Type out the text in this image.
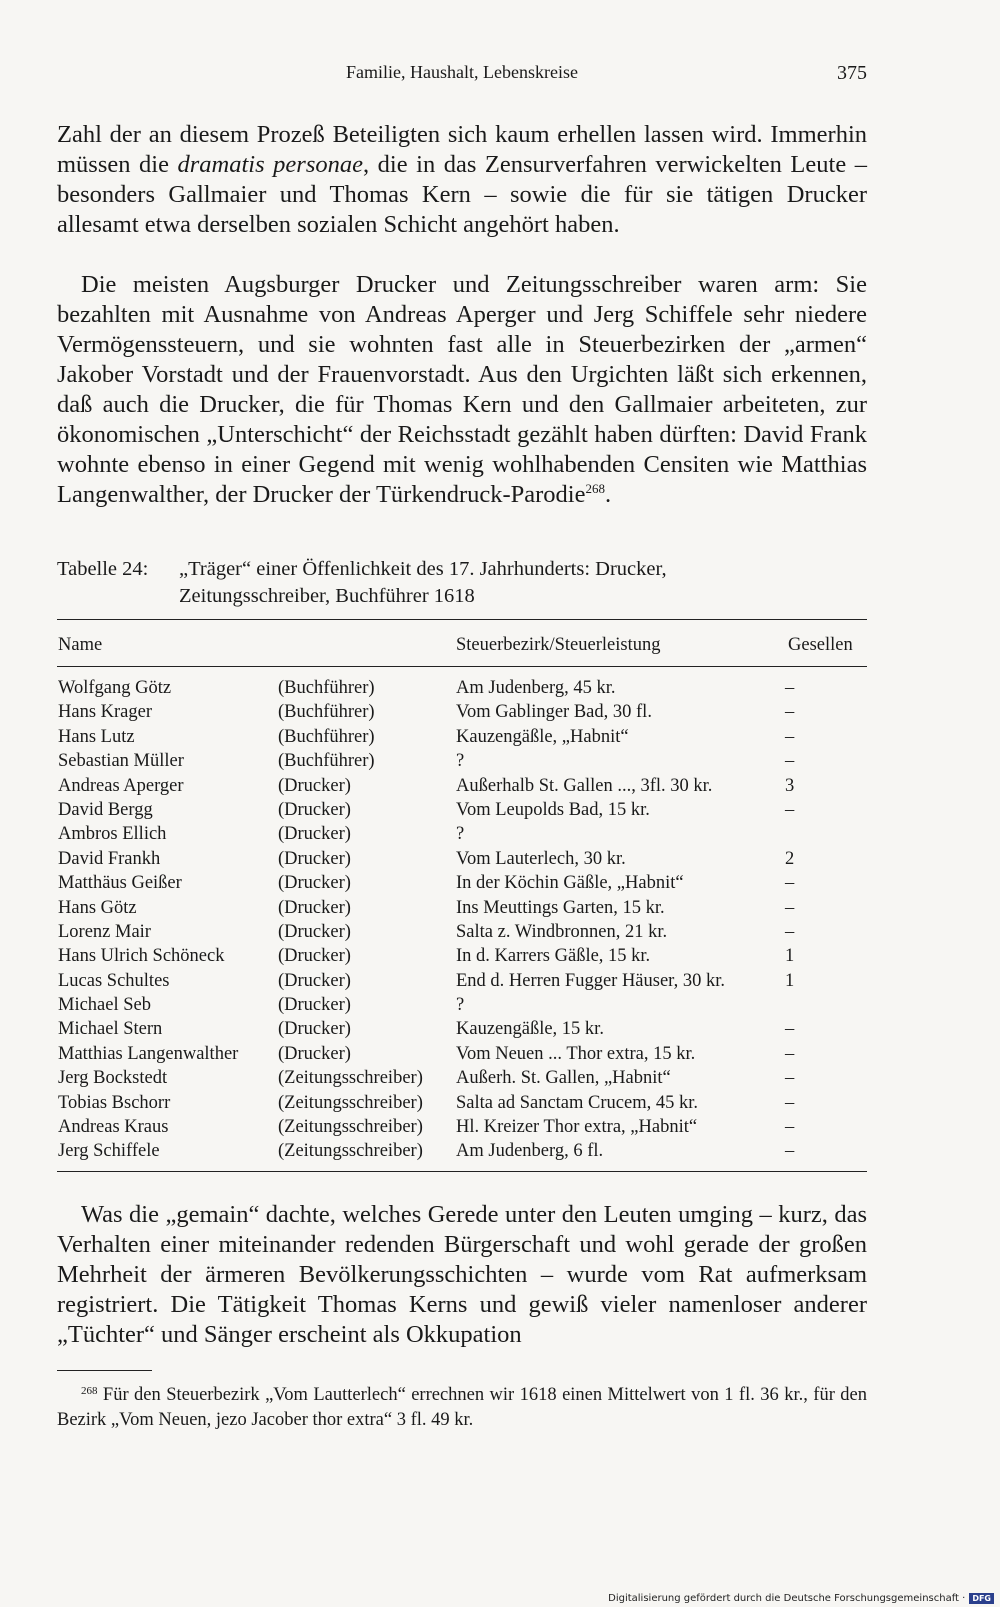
Familie, Haushalt, Lebenskreise	375

Zahl der an diesem Prozeß Beteiligten sich kaum erhellen lassen wird. Immerhin müssen die dramatis personae, die in das Zensurverfahren verwickelten Leute – besonders Gallmaier und Thomas Kern – sowie die für sie tätigen Drucker allesamt etwa derselben sozialen Schicht angehört haben.

Die meisten Augsburger Drucker und Zeitungsschreiber waren arm: Sie bezahlten mit Ausnahme von Andreas Aperger und Jerg Schiffele sehr niedere Vermögenssteuern, und sie wohnten fast alle in Steuerbezirken der „armen“ Jakober Vorstadt und der Frauenvorstadt. Aus den Urgichten läßt sich erkennen, daß auch die Drucker, die für Thomas Kern und den Gallmaier arbeiteten, zur ökonomischen „Unterschicht“ der Reichsstadt gezählt haben dürften: David Frank wohnte ebenso in einer Gegend mit wenig wohlhabenden Censiten wie Matthias Langenwalther, der Drucker der Türkendruck-Parodie$^{268}$.

Tabelle 24:	„Träger“ einer Öffenlichkeit des 17. Jahrhunderts: Drucker,
Zeitungsschreiber, Buchführer 1618
Name	Steuerbezirk/Steuerleistung	Gesellen
Wolfgang Götz	(Buchführer)	Am Judenberg, 45 kr.	–
Hans Krager	(Buchführer)	Vom Gablinger Bad, 30 fl.	–
Hans Lutz	(Buchführer)	Kauzengäßle, „Habnit“	–
Sebastian Müller	(Buchführer)	?	–
Andreas Aperger	(Drucker)	Außerhalb St. Gallen ..., 3fl. 30 kr.	3
David Bergg	(Drucker)	Vom Leupolds Bad, 15 kr.	–
Ambros Ellich	(Drucker)	?
David Frankh	(Drucker)	Vom Lauterlech, 30 kr.	2
Matthäus Geißer	(Drucker)	In der Köchin Gäßle, „Habnit“	–
Hans Götz	(Drucker)	Ins Meuttings Garten, 15 kr.	–
Lorenz Mair	(Drucker)	Salta z. Windbronnen, 21 kr.	–
Hans Ulrich Schöneck	(Drucker)	In d. Karrers Gäßle, 15 kr.	1
Lucas Schultes	(Drucker)	End d. Herren Fugger Häuser, 30 kr.	1
Michael Seb	(Drucker)	?
Michael Stern	(Drucker)	Kauzengäßle, 15 kr.	–
Matthias Langenwalther (Drucker)	Vom Neuen ... Thor extra, 15 kr.	–
Jerg Bockstedt	(Zeitungsschreiber) Außerh. St. Gallen, „Habnit“	–
Tobias Bschorr	(Zeitungsschreiber) Salta ad Sanctam Crucem, 45 kr.	–
Andreas Kraus	(Zeitungsschreiber) Hl. Kreizer Thor extra, „Habnit“	–
Jerg Schiffele	(Zeitungsschreiber) Am Judenberg, 6 fl.	–

Was die „gemain“ dachte, welches Gerede unter den Leuten umging – kurz, das Verhalten einer miteinander redenden Bürgerschaft und wohl gerade der großen Mehrheit der ärmeren Bevölkerungsschichten – wurde vom Rat aufmerksam registriert. Die Tätigkeit Thomas Kerns und gewiß vieler namenloser anderer „Tüchter“ und Sänger erscheint als Okkupation

$^{268}$ Für den Steuerbezirk „Vom Lautterlech“ errechnen wir 1618 einen Mittelwert von 1 fl. 36 kr., für den Bezirk „Vom Neuen, jezo Jacober thor extra“ 3 fl. 49 kr.

Digitalisierung gefördert durch die Deutsche Forschungsgemeinschaft · DFG
